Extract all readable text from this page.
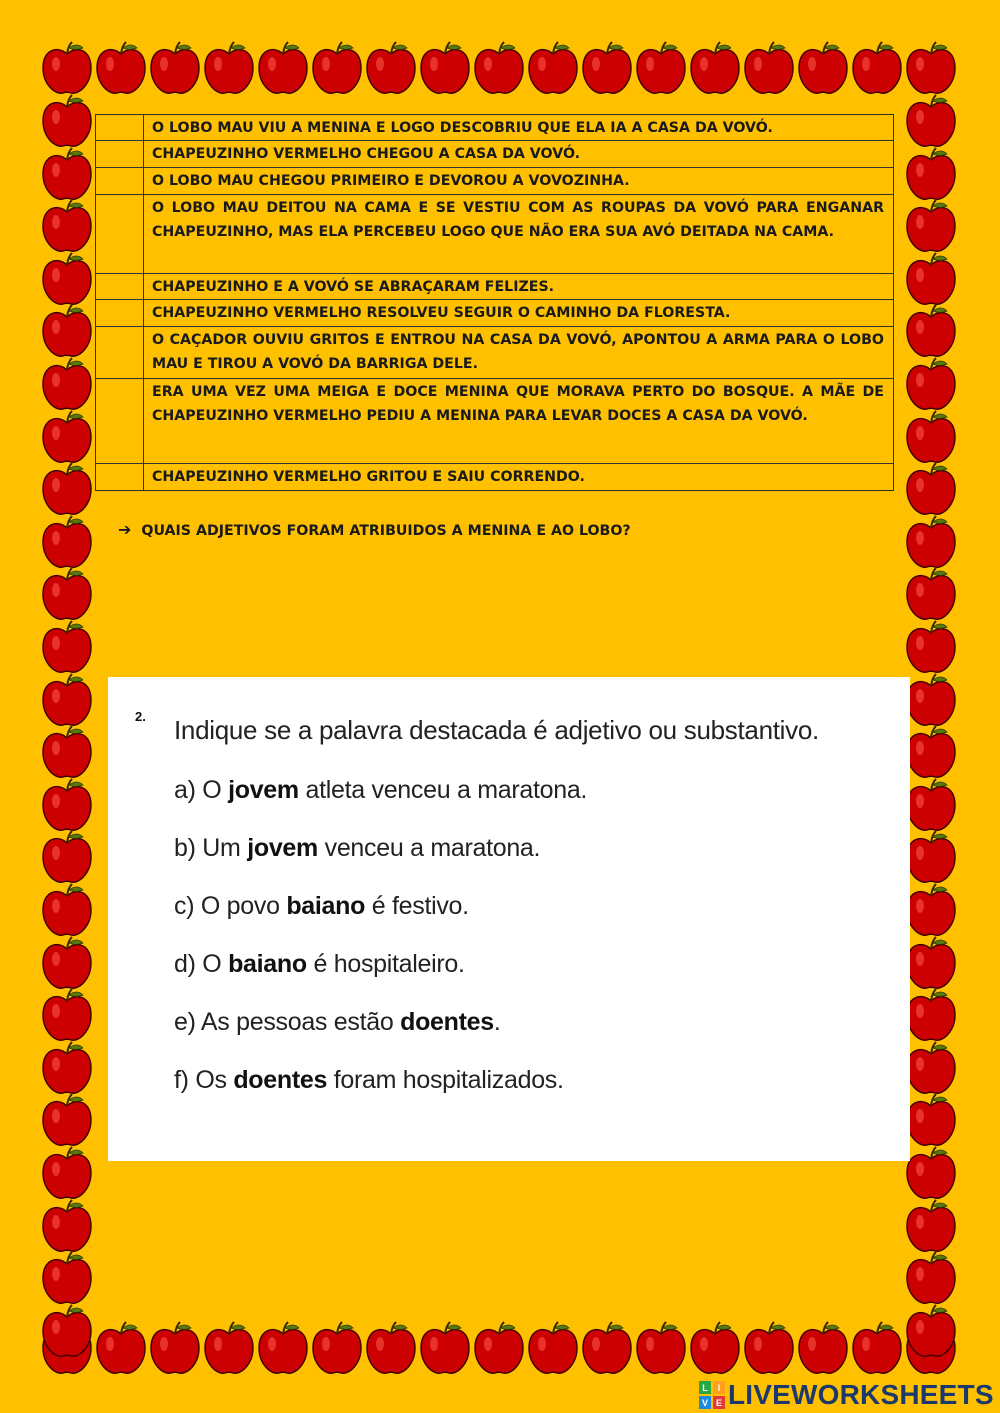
	O LOBO MAU VIU A MENINA E LOGO DESCOBRIU QUE ELA IA A CASA DA VOVÓ.
	CHAPEUZINHO VERMELHO CHEGOU A CASA DA VOVÓ.
	O LOBO MAU CHEGOU PRIMEIRO E DEVOROU A VOVOZINHA.
	O LOBO MAU DEITOU NA CAMA E SE VESTIU COM AS ROUPAS DA VOVÓ PARA ENGANAR CHAPEUZINHO, MAS ELA PERCEBEU LOGO QUE NÃO ERA SUA AVÓ DEITADA NA CAMA.
	CHAPEUZINHO E A VOVÓ SE ABRAÇARAM FELIZES.
	CHAPEUZINHO VERMELHO RESOLVEU SEGUIR O CAMINHO DA FLORESTA.
	O CAÇADOR OUVIU GRITOS E ENTROU NA CASA DA VOVÓ, APONTOU A ARMA PARA O LOBO MAU E TIROU A VOVÓ DA BARRIGA DELE.
	ERA UMA VEZ UMA MEIGA E DOCE MENINA QUE MORAVA PERTO DO BOSQUE. A MÃE DE CHAPEUZINHO VERMELHO PEDIU A MENINA PARA LEVAR DOCES A CASA DA VOVÓ.
	CHAPEUZINHO VERMELHO GRITOU E SAIU CORRENDO.
➔ QUAIS ADJETIVOS FORAM ATRIBUIDOS A MENINA E AO LOBO?
2. Indique se a palavra destacada é adjetivo ou substantivo.
a) O jovem atleta venceu a maratona.
b) Um jovem venceu a maratona.
c) O povo baiano é festivo.
d) O baiano é hospitaleiro.
e) As pessoas estão doentes.
f) Os doentes foram hospitalizados.
L I
V E LIVEWORKSHEETS
